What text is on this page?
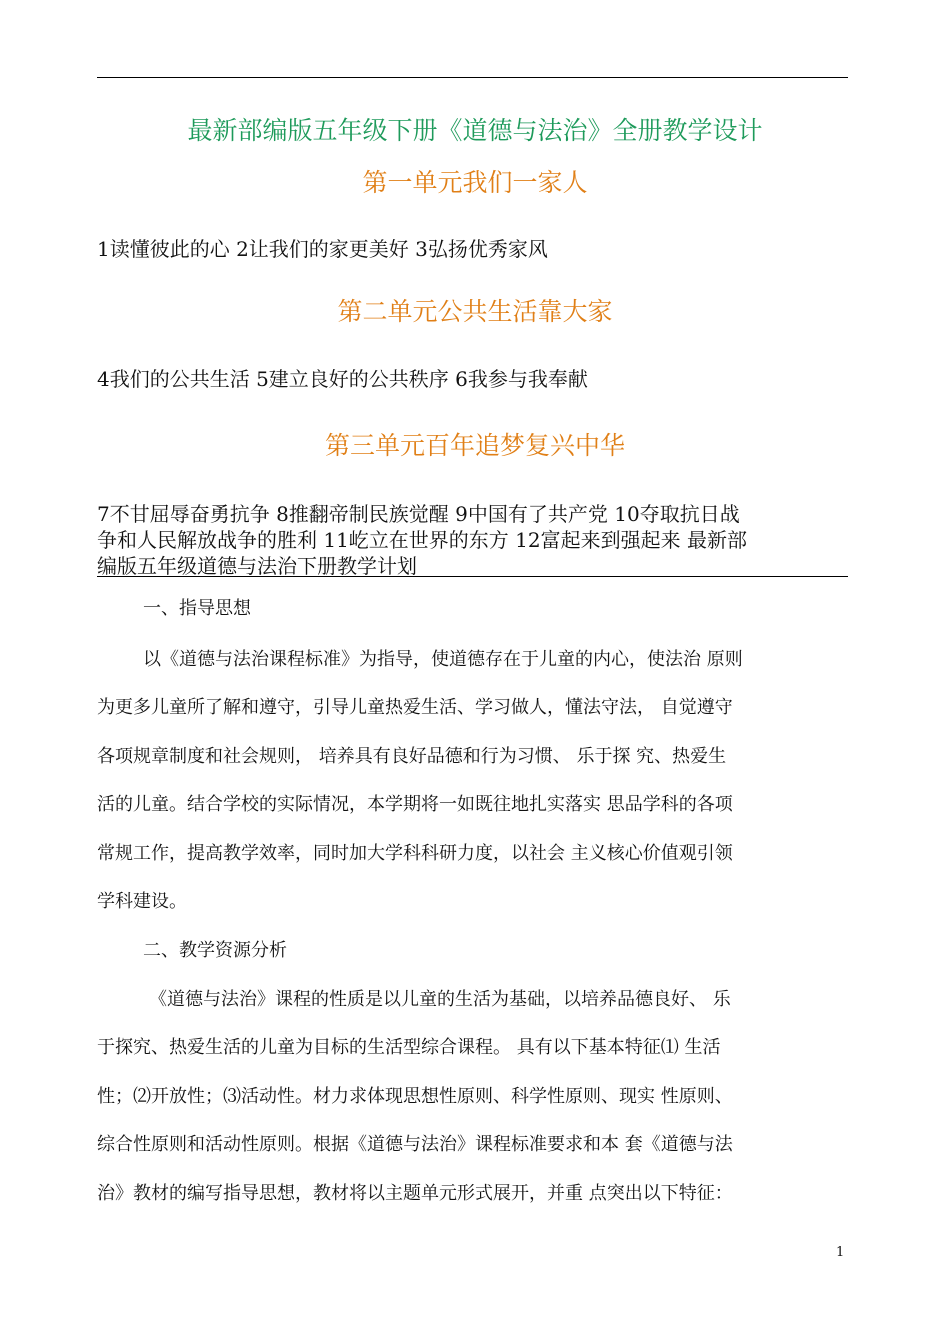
最新部编版五年级下册《道德与法治》全册教学设计
第一单元我们一家人
1读懂彼此的心 2让我们的家更美好 3弘扬优秀家风
第二单元公共生活靠大家
4我们的公共生活 5建立良好的公共秩序 6我参与我奉献
第三单元百年追梦复兴中华
7不甘屈辱奋勇抗争 8推翻帝制民族觉醒 9中国有了共产党 10夺取抗日战
争和人民解放战争的胜利 11屹立在世界的东方 12富起来到强起来 最新部
编版五年级道德与法治下册教学计划
一、指导思想
以《道德与法治课程标准》为指导，使道德存在于儿童的内心，使法治 原则
为更多儿童所了解和遵守，引导儿童热爱生活、学习做人，懂法守法， 自觉遵守
各项规章制度和社会规则， 培养具有良好品德和行为习惯、 乐于探 究、热爱生
活的儿童。结合学校的实际情况，本学期将一如既往地扎实落实 思品学科的各项
常规工作，提高教学效率，同时加大学科科研力度，以社会 主义核心价值观引领
学科建设。
二、教学资源分析
《道德与法治》课程的性质是以儿童的生活为基础，以培养品德良好、 乐
于探究、热爱生活的儿童为目标的生活型综合课程。 具有以下基本特征⑴ 生活
性；⑵开放性；⑶活动性。材力求体现思想性原则、科学性原则、现实 性原则、
综合性原则和活动性原则。根据《道德与法治》课程标准要求和本 套《道德与法
治》教材的编写指导思想，教材将以主题单元形式展开，并重 点突出以下特征：
1
